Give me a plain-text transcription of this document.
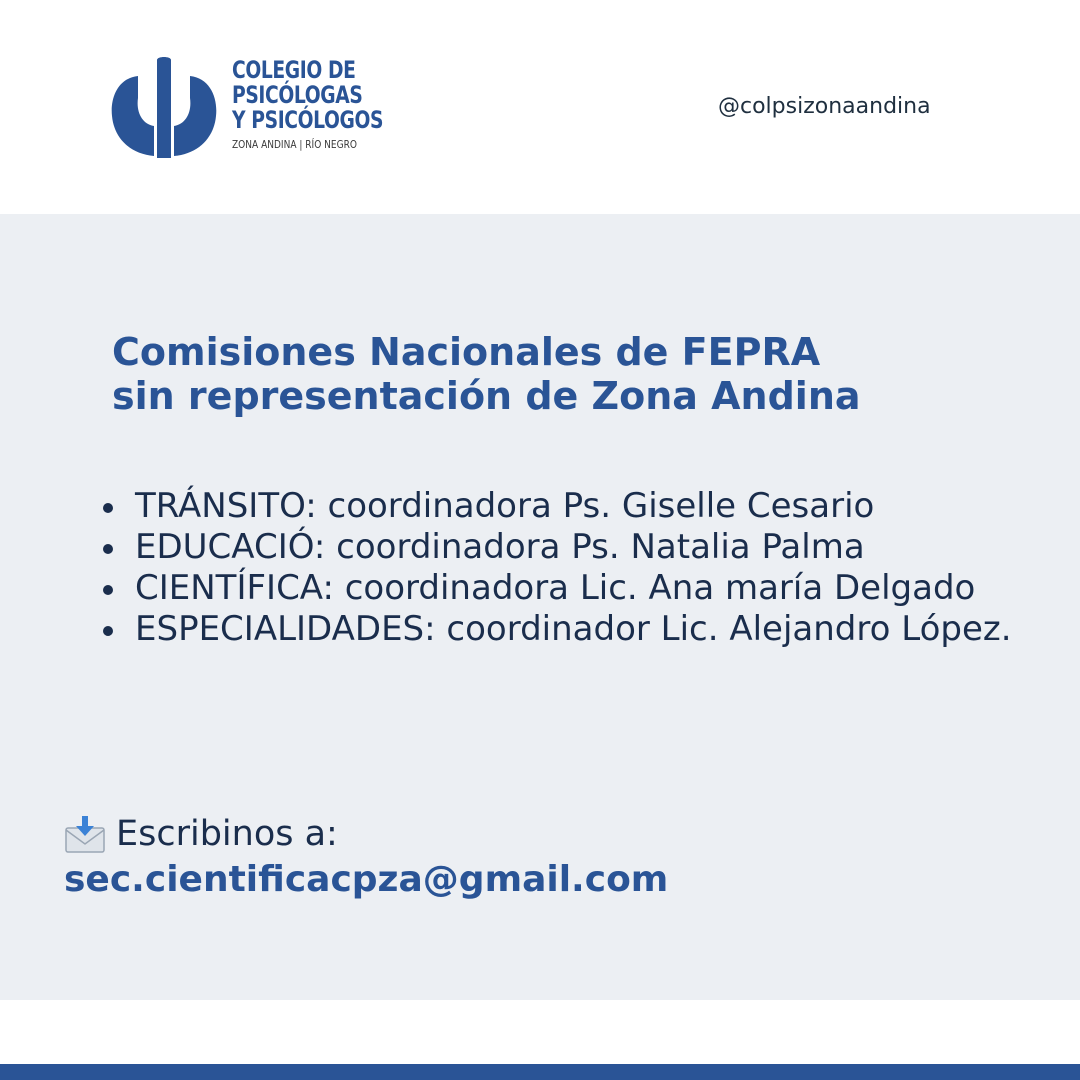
COLEGIO DE
PSICÓLOGAS
Y PSICÓLOGOS
ZONA ANDINA | RÍO NEGRO
@colpsizonaandina
Comisiones Nacionales de FEPRA
sin representación de Zona Andina
TRÁNSITO: coordinadora Ps. Giselle Cesario
EDUCACIÓ: coordinadora Ps. Natalia Palma
CIENTÍFICA: coordinadora Lic. Ana maría Delgado
ESPECIALIDADES: coordinador Lic. Alejandro López.
Escribinos a:
sec.cientificacpza@gmail.com
